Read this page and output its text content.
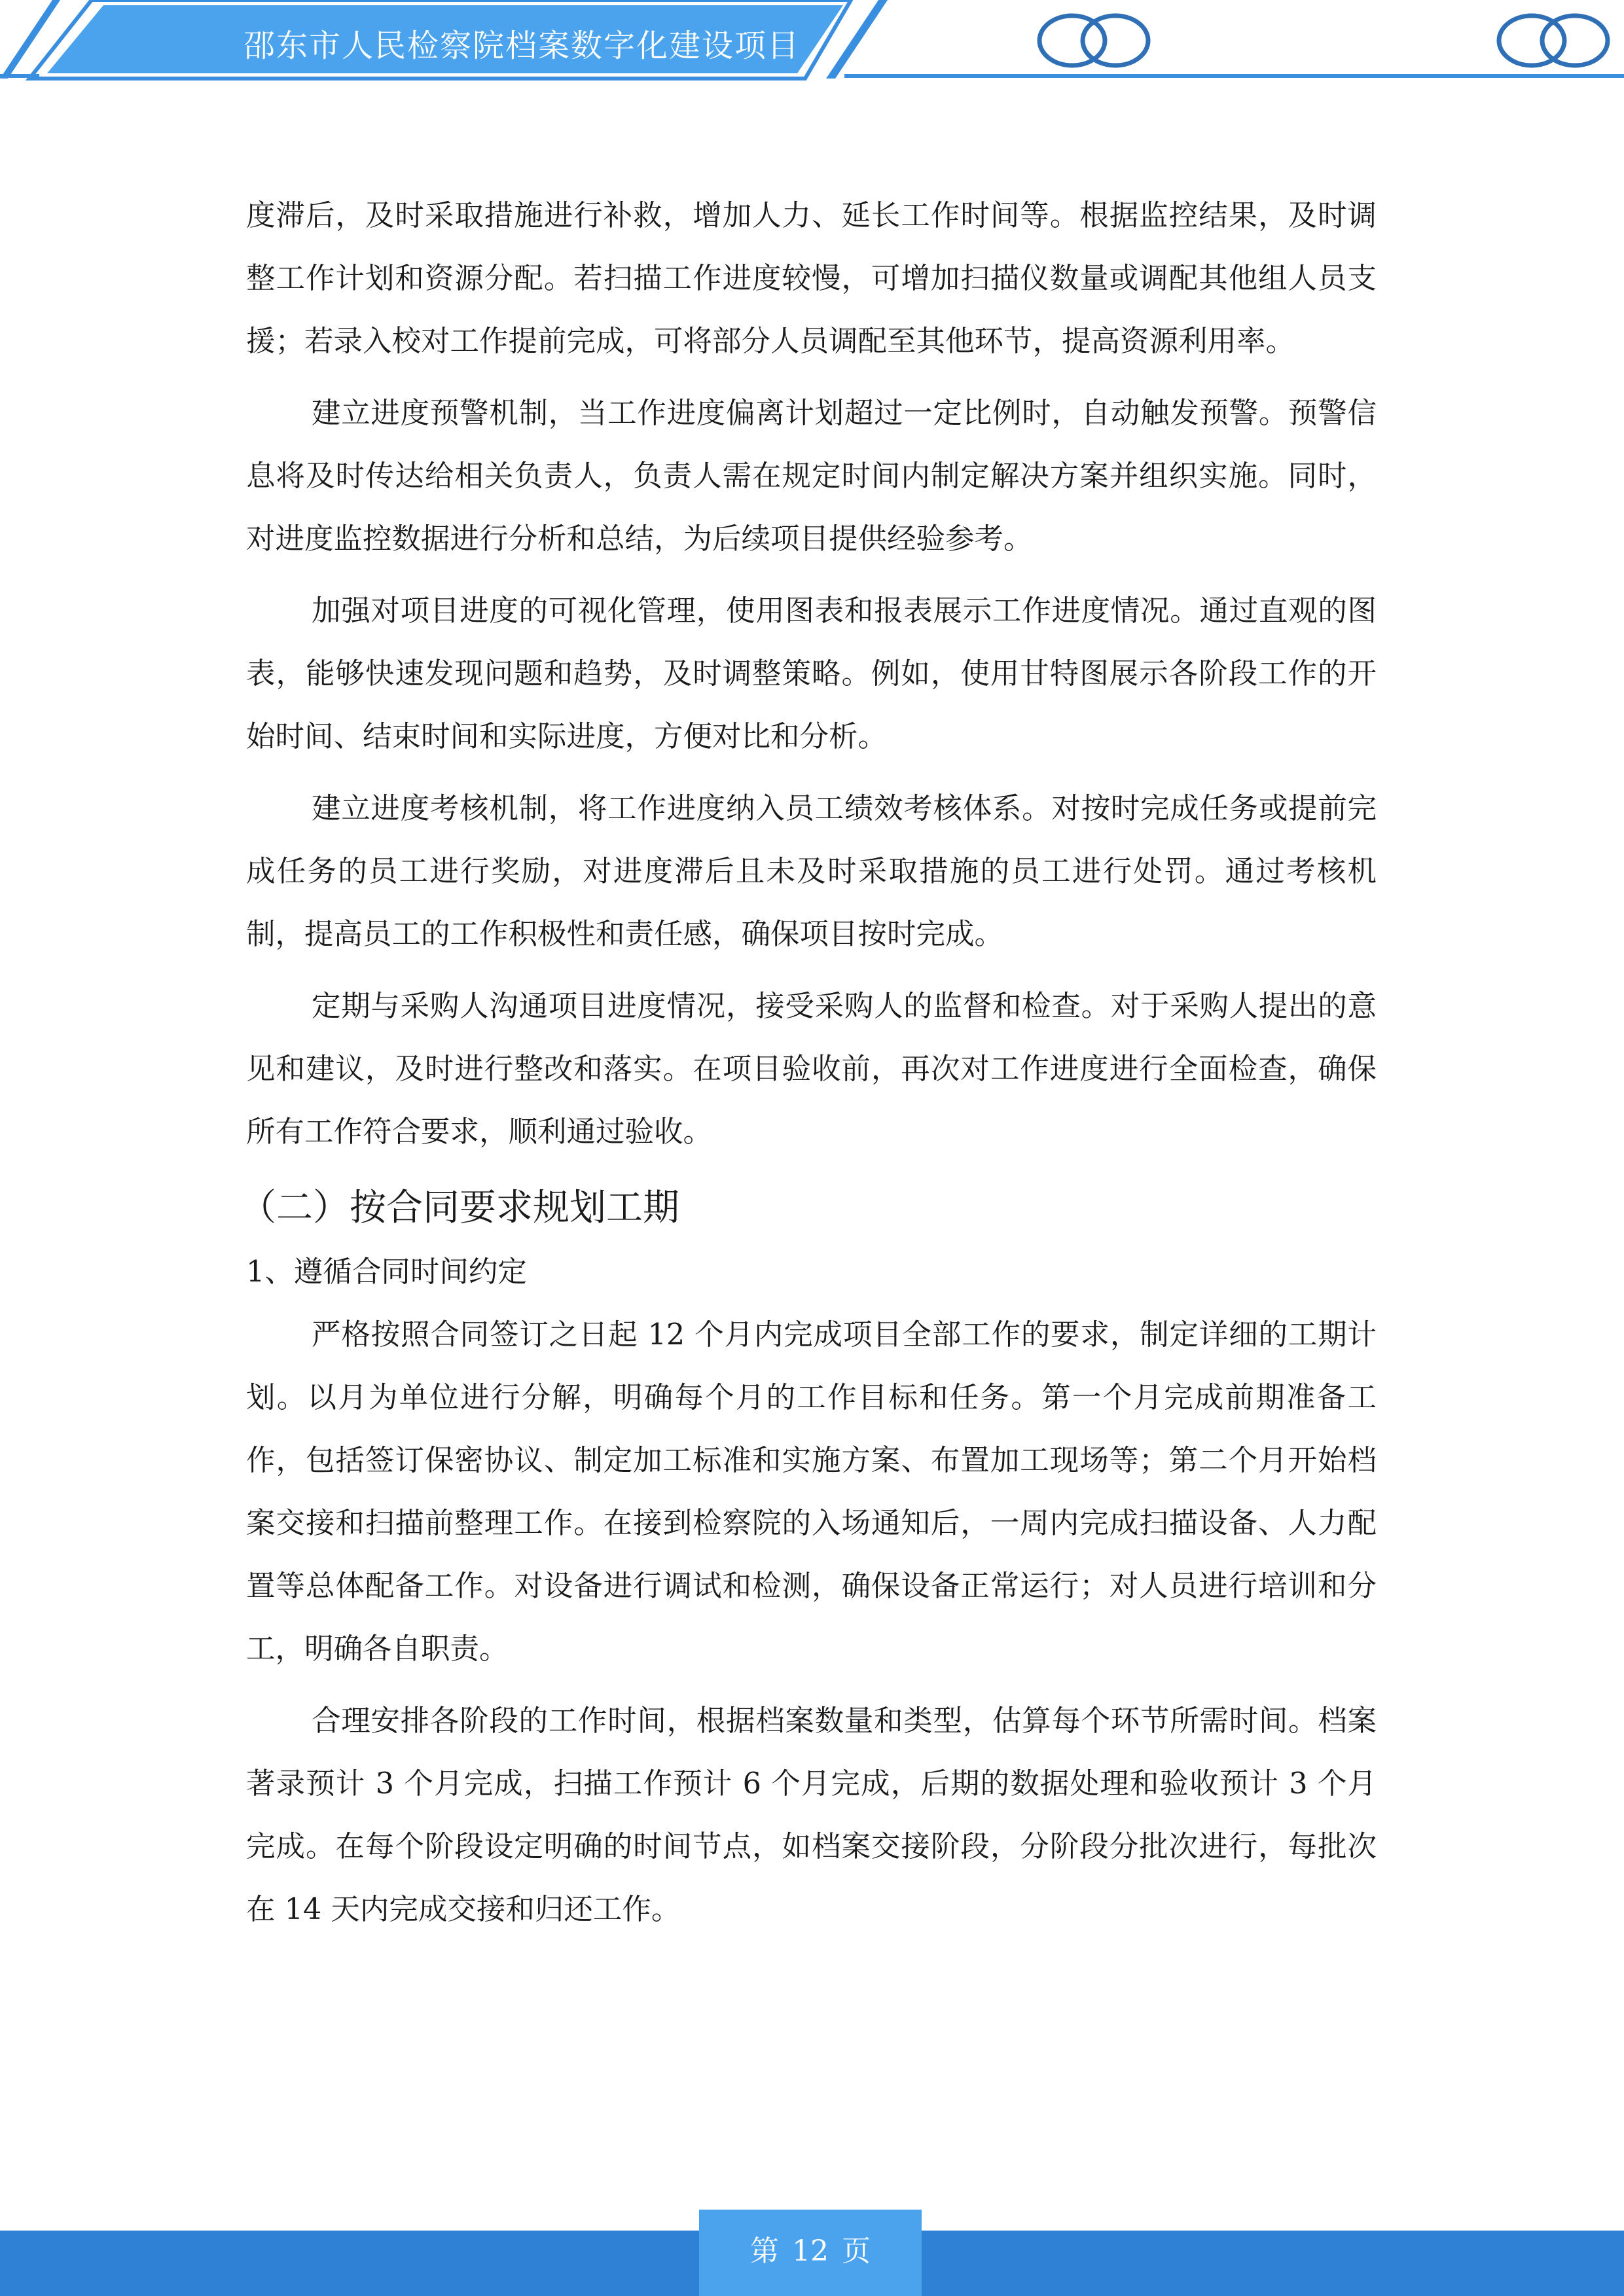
邵东市人民检察院档案数字化建设项目

度滞后，及时采取措施进行补救，增加人力、延长工作时间等。根据监控结果，及时调整工作计划和资源分配。若扫描工作进度较慢，可增加扫描仪数量或调配其他组人员支援；若录入校对工作提前完成，可将部分人员调配至其他环节，提高资源利用率。

建立进度预警机制，当工作进度偏离计划超过一定比例时，自动触发预警。预警信息将及时传达给相关负责人，负责人需在规定时间内制定解决方案并组织实施。同时，对进度监控数据进行分析和总结，为后续项目提供经验参考。

加强对项目进度的可视化管理，使用图表和报表展示工作进度情况。通过直观的图表，能够快速发现问题和趋势，及时调整策略。例如，使用甘特图展示各阶段工作的开始时间、结束时间和实际进度，方便对比和分析。

建立进度考核机制，将工作进度纳入员工绩效考核体系。对按时完成任务或提前完成任务的员工进行奖励，对进度滞后且未及时采取措施的员工进行处罚。通过考核机制，提高员工的工作积极性和责任感，确保项目按时完成。

定期与采购人沟通项目进度情况，接受采购人的监督和检查。对于采购人提出的意见和建议，及时进行整改和落实。在项目验收前，再次对工作进度进行全面检查，确保所有工作符合要求，顺利通过验收。

（二）按合同要求规划工期
1、遵循合同时间约定

严格按照合同签订之日起 12 个月内完成项目全部工作的要求，制定详细的工期计划。以月为单位进行分解，明确每个月的工作目标和任务。第一个月完成前期准备工作，包括签订保密协议、制定加工标准和实施方案、布置加工现场等；第二个月开始档案交接和扫描前整理工作。在接到检察院的入场通知后，一周内完成扫描设备、人力配置等总体配备工作。对设备进行调试和检测，确保设备正常运行；对人员进行培训和分工，明确各自职责。

合理安排各阶段的工作时间，根据档案数量和类型，估算每个环节所需时间。档案著录预计 3 个月完成，扫描工作预计 6 个月完成，后期的数据处理和验收预计 3 个月完成。在每个阶段设定明确的时间节点，如档案交接阶段，分阶段分批次进行，每批次在 14 天内完成交接和归还工作。

第 12 页
